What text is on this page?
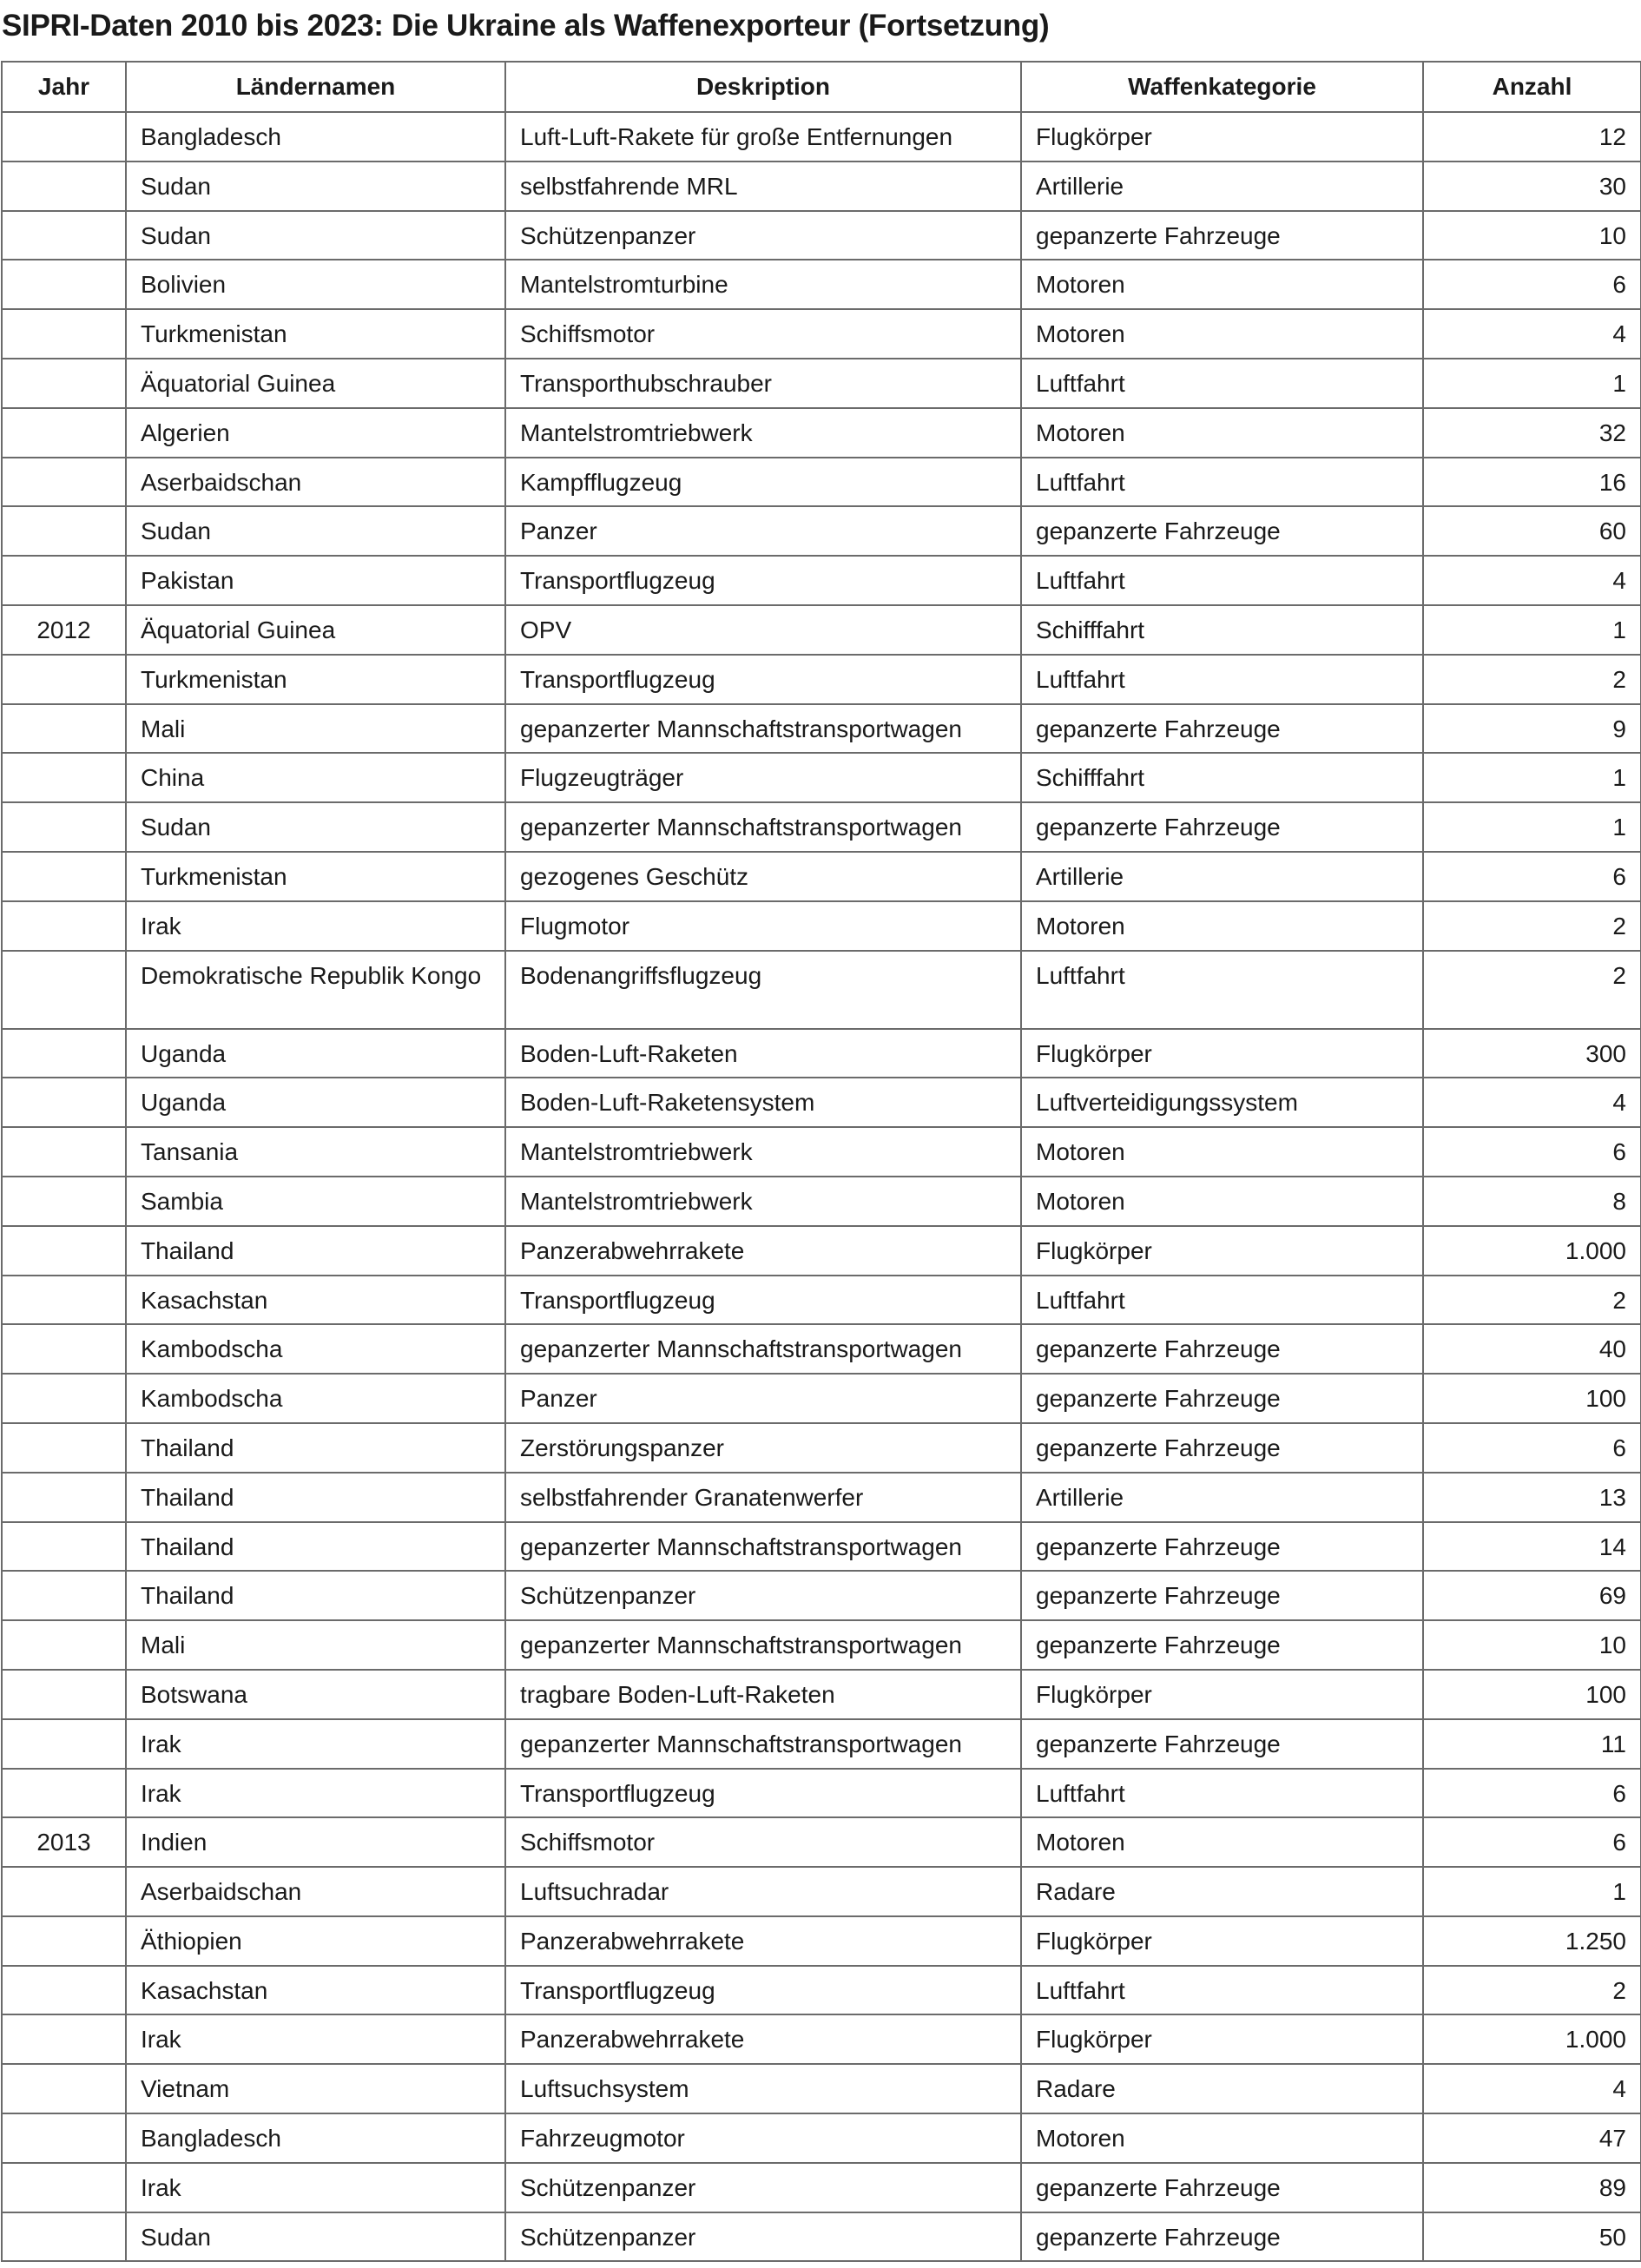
SIPRI-Daten 2010 bis 2023: Die Ukraine als Waffenexporteur (Fortsetzung)
Jahr	Ländernamen	Deskription	Waffenkategorie	Anzahl
	Bangladesch	Luft-Luft-Rakete für große Entfernungen	Flugkörper	12
	Sudan	selbstfahrende MRL	Artillerie	30
	Sudan	Schützenpanzer	gepanzerte Fahrzeuge	10
	Bolivien	Mantelstromturbine	Motoren	6
	Turkmenistan	Schiffsmotor	Motoren	4
	Äquatorial Guinea	Transporthubschrauber	Luftfahrt	1
	Algerien	Mantelstromtriebwerk	Motoren	32
	Aserbaidschan	Kampfflugzeug	Luftfahrt	16
	Sudan	Panzer	gepanzerte Fahrzeuge	60
	Pakistan	Transportflugzeug	Luftfahrt	4
2012	Äquatorial Guinea	OPV	Schifffahrt	1
	Turkmenistan	Transportflugzeug	Luftfahrt	2
	Mali	gepanzerter Mannschaftstransportwagen	gepanzerte Fahrzeuge	9
	China	Flugzeugträger	Schifffahrt	1
	Sudan	gepanzerter Mannschaftstransportwagen	gepanzerte Fahrzeuge	1
	Turkmenistan	gezogenes Geschütz	Artillerie	6
	Irak	Flugmotor	Motoren	2
	Demokratische Republik Kongo	Bodenangriffsflugzeug	Luftfahrt	2
	Uganda	Boden-Luft-Raketen	Flugkörper	300
	Uganda	Boden-Luft-Raketensystem	Luftverteidigungssystem	4
	Tansania	Mantelstromtriebwerk	Motoren	6
	Sambia	Mantelstromtriebwerk	Motoren	8
	Thailand	Panzerabwehrrakete	Flugkörper	1.000
	Kasachstan	Transportflugzeug	Luftfahrt	2
	Kambodscha	gepanzerter Mannschaftstransportwagen	gepanzerte Fahrzeuge	40
	Kambodscha	Panzer	gepanzerte Fahrzeuge	100
	Thailand	Zerstörungspanzer	gepanzerte Fahrzeuge	6
	Thailand	selbstfahrender Granatenwerfer	Artillerie	13
	Thailand	gepanzerter Mannschaftstransportwagen	gepanzerte Fahrzeuge	14
	Thailand	Schützenpanzer	gepanzerte Fahrzeuge	69
	Mali	gepanzerter Mannschaftstransportwagen	gepanzerte Fahrzeuge	10
	Botswana	tragbare Boden-Luft-Raketen	Flugkörper	100
	Irak	gepanzerter Mannschaftstransportwagen	gepanzerte Fahrzeuge	11
	Irak	Transportflugzeug	Luftfahrt	6
2013	Indien	Schiffsmotor	Motoren	6
	Aserbaidschan	Luftsuchradar	Radare	1
	Äthiopien	Panzerabwehrrakete	Flugkörper	1.250
	Kasachstan	Transportflugzeug	Luftfahrt	2
	Irak	Panzerabwehrrakete	Flugkörper	1.000
	Vietnam	Luftsuchsystem	Radare	4
	Bangladesch	Fahrzeugmotor	Motoren	47
	Irak	Schützenpanzer	gepanzerte Fahrzeuge	89
	Sudan	Schützenpanzer	gepanzerte Fahrzeuge	50
